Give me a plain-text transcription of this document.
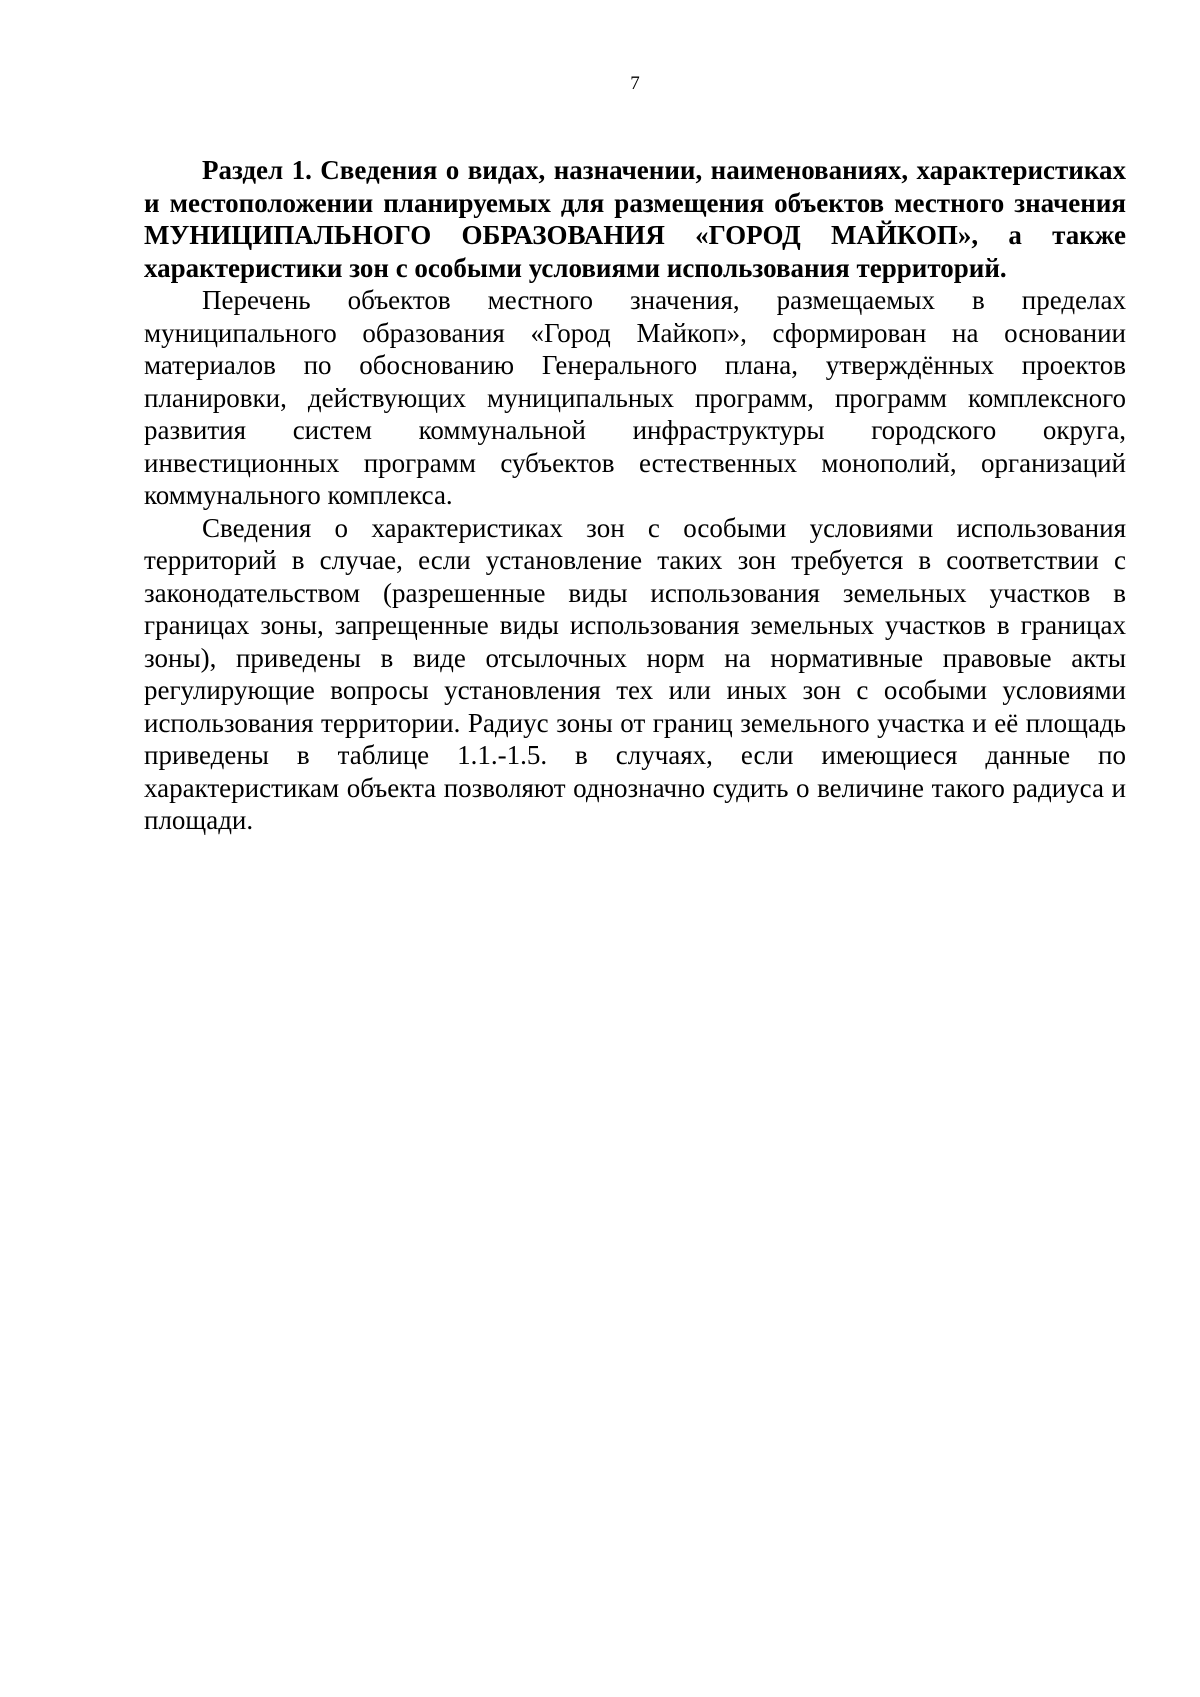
7

Раздел 1. Сведения о видах, назначении, наименованиях, характеристиках и местоположении планируемых для размещения объектов местного значения МУНИЦИПАЛЬНОГО ОБРАЗОВАНИЯ «ГОРОД МАЙКОП», а также характеристики зон с особыми условиями использования территорий.

Перечень объектов местного значения, размещаемых в пределах муниципального образования «Город Майкоп», сформирован на основании материалов по обоснованию Генерального плана, утверждённых проектов планировки, действующих муниципальных программ, программ комплексного развития систем коммунальной инфраструктуры городского округа, инвестиционных программ субъектов естественных монополий, организаций коммунального комплекса.

Сведения о характеристиках зон с особыми условиями использования территорий в случае, если установление таких зон требуется в соответствии с законодательством (разрешенные виды использования земельных участков в границах зоны, запрещенные виды использования земельных участков в границах зоны), приведены в виде отсылочных норм на нормативные правовые акты регулирующие вопросы установления тех или иных зон с особыми условиями использования территории. Радиус зоны от границ земельного участка и её площадь приведены в таблице 1.1.-1.5. в случаях, если имеющиеся данные по характеристикам объекта позволяют однозначно судить о величине такого радиуса и площади.
